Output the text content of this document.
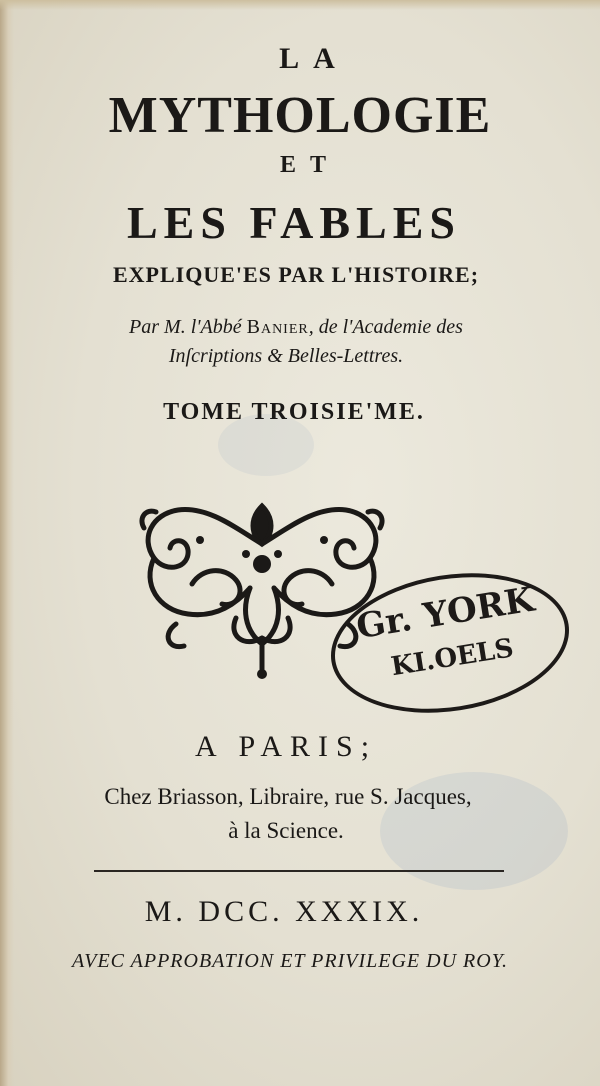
LA
MYTHOLOGIE
ET
LES FABLES
EXPLIQUE'ES PAR L'HISTOIRE;
Par M. l'Abbé Banier, de l'Academie des
Inſcriptions & Belles-Lettres.
TOME TROISIE'ME.
Gr. YORK
KI.OELS
A PARIS;
Chez Briasson, Libraire, rue S. Jacques,
à la Science.
M. DCC. XXXIX.
AVEC APPROBATION ET PRIVILEGE DU ROY.
